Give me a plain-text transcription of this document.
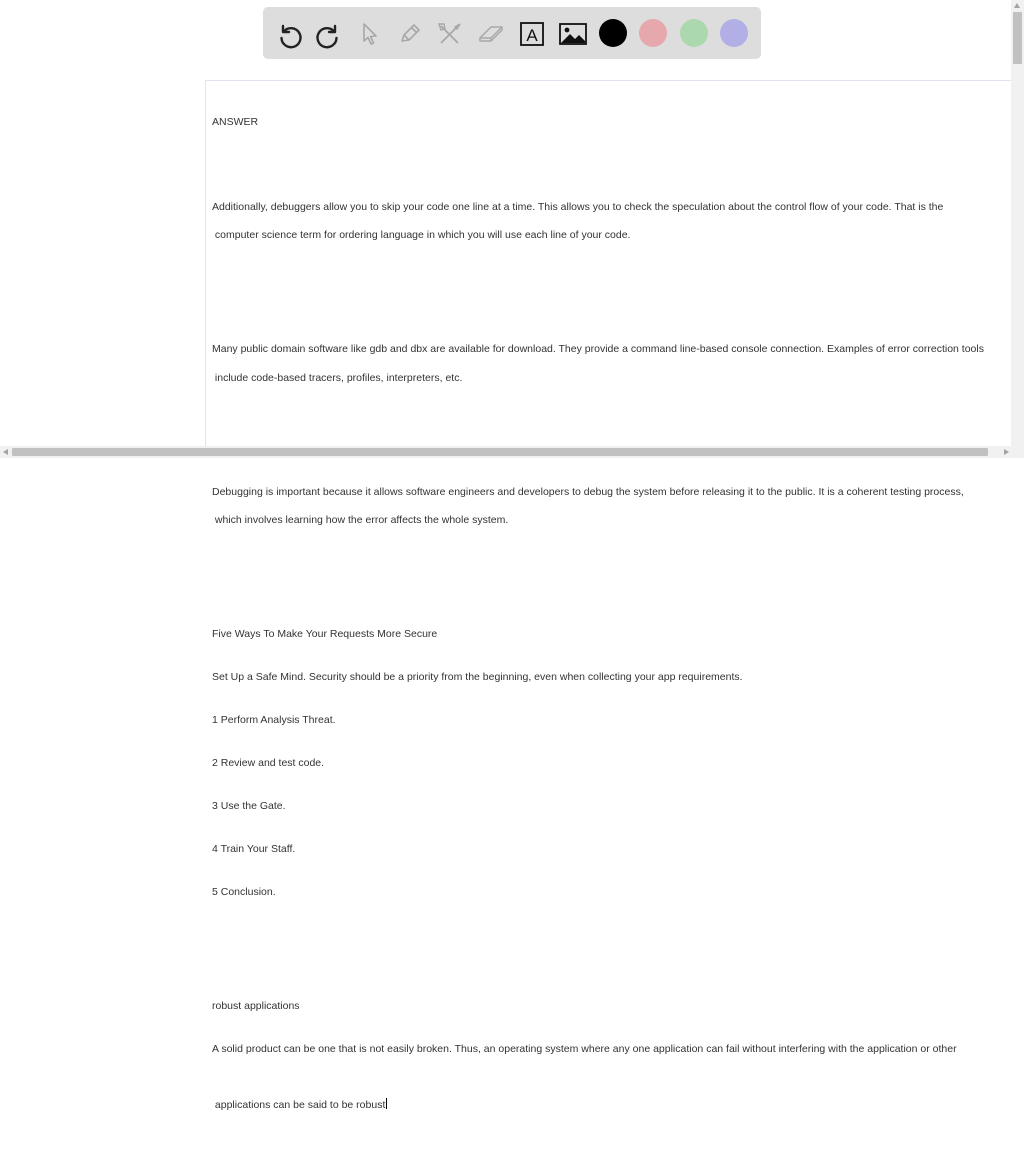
A

ANSWER

Additionally, debuggers allow you to skip your code one line at a time. This allows you to check the speculation about the control flow of your code. That is the
computer science term for ordering language in which you will use each line of your code.

Many public domain software like gdb and dbx are available for download. They provide a command line-based console connection. Examples of error correction tools
include code-based tracers, profiles, interpreters, etc.

Debugging is important because it allows software engineers and developers to debug the system before releasing it to the public. It is a coherent testing process,
which involves learning how the error affects the whole system.

Five Ways To Make Your Requests More Secure

Set Up a Safe Mind. Security should be a priority from the beginning, even when collecting your app requirements.

1 Perform Analysis Threat.

2 Review and test code.

3 Use the Gate.

4 Train Your Staff.

5 Conclusion.

robust applications

A solid product can be one that is not easily broken. Thus, an operating system where any one application can fail without interfering with the application or other

applications can be said to be robust
